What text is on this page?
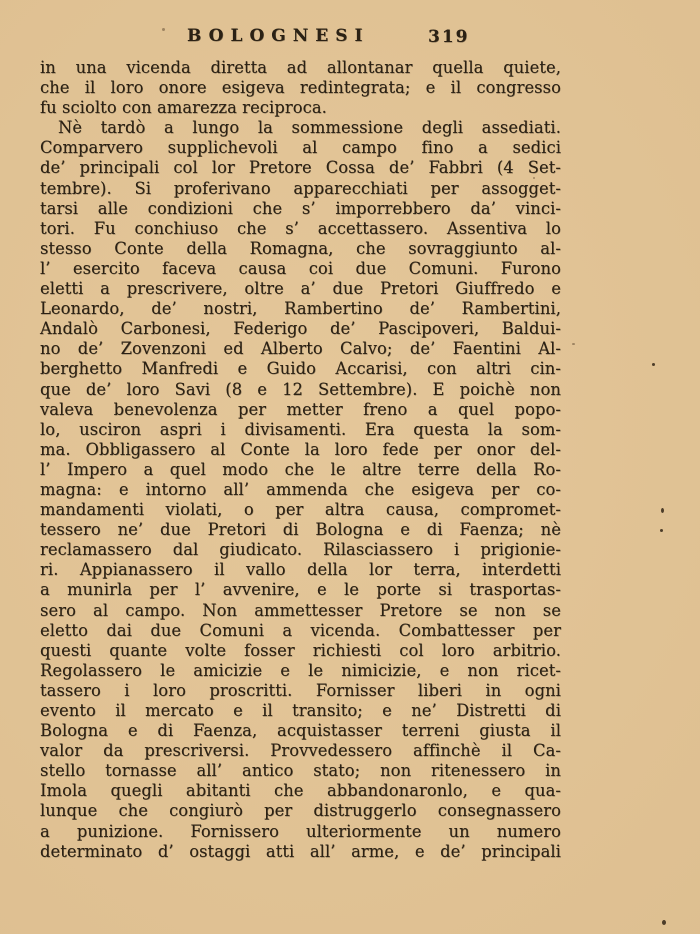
BOLOGNESI	319
in una vicenda diretta ad allontanar quella quiete,
che il loro onore esigeva redintegrata; e il congresso
fu sciolto con amarezza reciproca.
Nè tardò a lungo la sommessione degli assediati.
Comparvero supplichevoli al campo fino a sedici
de’ principali col lor Pretore Cossa de’ Fabbri (4 Set-
tembre). Si proferivano apparecchiati per assogget-
tarsi alle condizioni che s’ imporrebbero da’ vinci-
tori. Fu conchiuso che s’ accettassero. Assentiva lo
stesso Conte della Romagna, che sovraggiunto al-
l’ esercito faceva causa coi due Comuni. Furono
eletti a prescrivere, oltre a’ due Pretori Giuffredo e
Leonardo, de’ nostri, Rambertino de’ Rambertini,
Andalò Carbonesi, Federigo de’ Pascipoveri, Baldui-
no de’ Zovenzoni ed Alberto Calvo; de’ Faentini Al-
berghetto Manfredi e Guido Accarisi, con altri cin-
que de’ loro Savi (8 e 12 Settembre). E poichè non
valeva benevolenza per metter freno a quel popo-
lo, usciron aspri i divisamenti. Era questa la som-
ma. Obbligassero al Conte la loro fede per onor del-
l’ Impero a quel modo che le altre terre della Ro-
magna: e intorno all’ ammenda che esigeva per co-
mandamenti violati, o per altra causa, compromet-
tessero ne’ due Pretori di Bologna e di Faenza; nè
reclamassero dal giudicato. Rilasciassero i prigionie-
ri. Appianassero il vallo della lor terra, interdetti
a munirla per l’ avvenire, e le porte si trasportas-
sero al campo. Non ammettesser Pretore se non se
eletto dai due Comuni a vicenda. Combattesser per
questi quante volte fosser richiesti col loro arbitrio.
Regolassero le amicizie e le nimicizie, e non ricet-
tassero i loro proscritti. Fornisser liberi in ogni
evento il mercato e il transito; e ne’ Distretti di
Bologna e di Faenza, acquistasser terreni giusta il
valor da prescriversi. Provvedessero affinchè il Ca-
stello tornasse all’ antico stato; non ritenessero in
Imola quegli abitanti che abbandonaronlo, e qua-
lunque che congiurò per distruggerlo consegnassero
a punizione. Fornissero ulteriormente un numero
determinato d’ ostaggi atti all’ arme, e de’ principali
